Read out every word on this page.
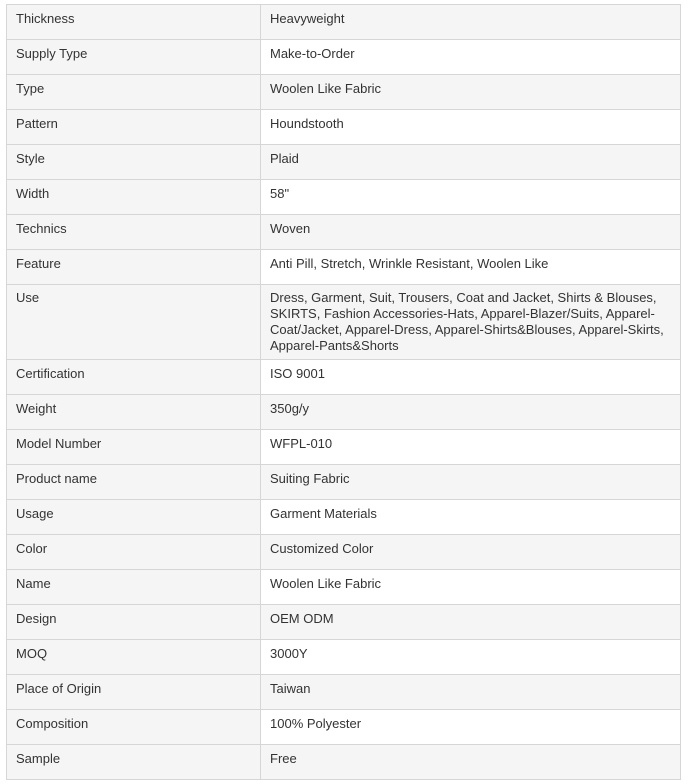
Thickness	Heavyweight
Supply Type	Make-to-Order
Type	Woolen Like Fabric
Pattern	Houndstooth
Style	Plaid
Width	58"
Technics	Woven
Feature	Anti Pill, Stretch, Wrinkle Resistant, Woolen Like
Use	Dress, Garment, Suit, Trousers, Coat and Jacket, Shirts & Blouses, SKIRTS, Fashion Accessories-Hats, Apparel-Blazer/Suits, Apparel-Coat/Jacket, Apparel-Dress, Apparel-Shirts&Blouses, Apparel-Skirts, Apparel-Pants&Shorts
Certification	ISO 9001
Weight	350g/y
Model Number	WFPL-010
Product name	Suiting Fabric
Usage	Garment Materials
Color	Customized Color
Name	Woolen Like Fabric
Design	OEM ODM
MOQ	3000Y
Place of Origin	Taiwan
Composition	100% Polyester
Sample	Free
